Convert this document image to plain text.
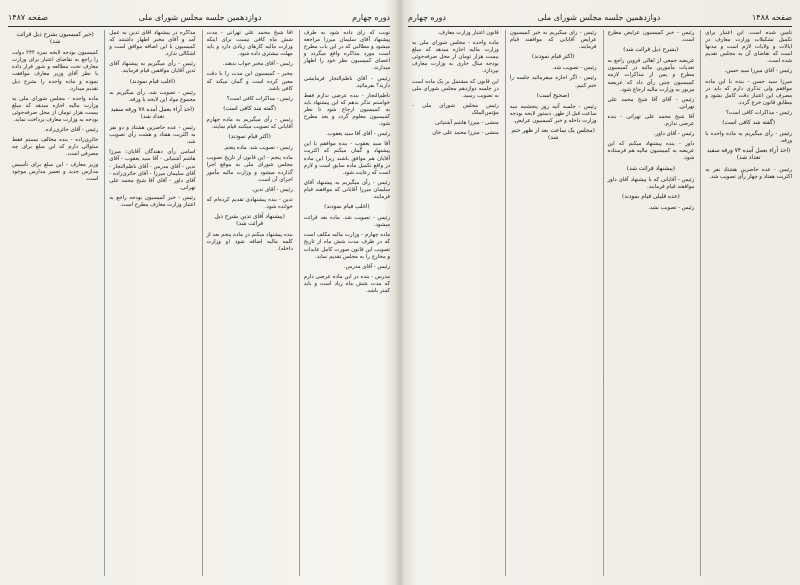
دوره چهارم
دوازدهمین جلسه مجلس شورای ملی
صفحه ۱۴۸۷

نوبت که رأی داده شود به طرف پیشنهاد آقای سلیمان میرزا مراجعه میشود و مطالبی که در این باب مطرح است مورد مذاکره واقع میگردد و اعضای کمیسیون نظر خود را اظهار میدارند.

رئیس - آقای ناظم‌التجار فرمایشی دارید؟ بفرمائید.

ناظم‌التجار - بنده عرضی ندارم فقط خواستم تذکر بدهم که این پیشنهاد باید به کمیسیون ارجاع شود تا نظر کمیسیون معلوم گردد و بعد مطرح شود.

رئیس - آقای آقا سید یعقوب.

آقا سید یعقوب - بنده موافقم با این پیشنهاد و گمان میکنم که اکثریت آقایان هم موافق باشند زیرا این ماده در واقع تکمیل ماده سابق است و لازم است که رعایت شود.

رئیس - رأی میگیریم به پیشنهاد آقای سلیمان میرزا آقایانی که موافقند قیام فرمایند.

(اغلب قیام نمودند)

رئیس - تصویب شد. ماده بعد قرائت میشود.

ماده چهارم - وزارت مالیه مکلف است که در ظرف مدت شش ماه از تاریخ تصویب این قانون صورت کامل عایدات و مخارج را به مجلس تقدیم نماید.

رئیس - آقای مدرس.

مدرس - بنده در این ماده عرضی دارم که مدت شش ماه زیاد است و باید کمتر باشد.

آقا شیخ محمد علی تهرانی - مدت شش ماه کافی نیست برای اینکه وزارت مالیه کارهای زیادی دارد و باید مهلت بیشتری داده شود.

رئیس - آقای مخبر جواب بدهند.

مخبر - کمیسیون این مدت را با دقت معین کرده است و گمان میکند که کافی باشد.

رئیس - مذاکرات کافی است؟

(گفته شد کافی است)

رئیس - رأی میگیریم به ماده چهارم آقایانی که تصویب میکنند قیام نمایند.

(اکثر قیام نمودند)

رئیس - تصویب شد. ماده پنجم.

ماده پنجم - این قانون از تاریخ تصویب مجلس شورای ملی به موقع اجرا گذارده میشود و وزارت مالیه مأمور اجرای آن است.

رئیس - آقای تدین.

تدین - بنده پیشنهادی تقدیم کرده‌ام که خوانده شود.

(پیشنهاد آقای تدین بشرح ذیل قرائت شد)

بنده پیشنهاد میکنم در ماده پنجم بعد از کلمه مالیه اضافه شود (و وزارت داخله).

مذاکره در پیشنهاد آقای تدین به عمل آمد و آقای مخبر اظهار داشتند که کمیسیون با این اضافه موافق است و اشکالی ندارد.

رئیس - رأی میگیریم به پیشنهاد آقای تدین آقایان موافقین قیام فرمایند.

(اغلب قیام نمودند)

رئیس - تصویب شد. رأی میگیریم به مجموع مواد این لایحه با ورقه.

(اخذ آراء بعمل آمده ۷۸ ورقه سفید تعداد شد)

رئیس - عده حاضرین هشتاد و دو نفر به اکثریت هفتاد و هشت رأی تصویب شد.

اسامی رأی دهندگان آقایان: میرزا هاشم آشتیانی - آقا سید یعقوب - آقای تدین - آقای مدرس - آقای ناظم‌التجار - آقای سلیمان میرزا - آقای حائری‌زاده - آقای داور - آقای آقا شیخ محمد علی تهرانی.

رئیس - خبر کمیسیون بودجه راجع به اعتبار وزارت معارف مطرح است.

(خبر کمیسیون بشرح ذیل قرائت شد)

کمیسیون بودجه لایحه نمره ۲۳۴ دولت را راجع به تقاضای اعتبار برای وزارت معارف تحت مطالعه و شور قرار داده با نظر آقای وزیر معارف موافقت نموده و ماده واحده را بشرح ذیل تقدیم میدارد.

ماده واحده - مجلس شورای ملی به وزارت مالیه اجازه میدهد که مبلغ بیست هزار تومان از محل صرفه‌جوئی بودجه به وزارت معارف پرداخت نماید.

رئیس - آقای حائری‌زاده.

حائری‌زاده - بنده مخالف نیستم فقط سئوالی دارم که این مبلغ برای چه مصرفی است.

وزیر معارف - این مبلغ برای تأسیس مدارس جدید و تعمیر مدارس موجود است.

صفحه ۱۴۸۸
دوازدهمین جلسه مجلس شورای ملی
دوره چهارم

تأمین شده است. این اعتبار برای تکمیل تشکیلات وزارت معارف در ایالات و ولایات لازم است و مدتها است که تقاضای آن به مجلس تقدیم شده است.

رئیس - آقای میرزا سید حسن.

میرزا سید حسن - بنده با این ماده موافقم ولی تذکری دارم که باید در مصرف این اعتبار دقت کامل بشود و مطابق قانون خرج گردد.

رئیس - مذاکرات کافی است؟

(گفته شد کافی است)

رئیس - رأی میگیریم به ماده واحده با ورقه.

(اخذ آراء بعمل آمده ۷۴ ورقه سفید تعداد شد)

رئیس - عده حاضرین هشتاد نفر به اکثریت هفتاد و چهار رأی تصویب شد.

رئیس - خبر کمیسیون عرایض مطرح است.

(بشرح ذیل قرائت شد)

عریضه جمعی از اهالی قزوین راجع به تعدیات مأمورین مالیه در کمیسیون مطرح و پس از مذاکرات لازمه کمیسیون چنین رأی داد که عریضه مزبور به وزارت مالیه ارجاع شود.

رئیس - آقای آقا شیخ محمد علی تهرانی.

آقا شیخ محمد علی تهرانی - بنده عرضی ندارم.

رئیس - آقای داور.

داور - بنده پیشنهاد میکنم که این عریضه به کمیسیون مالیه هم فرستاده شود.

(پیشنهاد قرائت شد)

رئیس - آقایانی که با پیشنهاد آقای داور موافقند قیام فرمایند.

(عده قلیلی قیام نمودند)

رئیس - تصویب نشد.

رئیس - رأی میگیریم به خبر کمیسیون عرایض آقایانی که موافقند قیام فرمایند.

(اکثر قیام نمودند)

رئیس - تصویب شد.

رئیس - اگر اجازه میفرمائید جلسه را ختم کنیم.

(صحیح است)

رئیس - جلسه آتیه روز پنجشنبه سه ساعت قبل از ظهر. دستور لایحه بودجه وزارت داخله و خبر کمیسیون عرایض.

(مجلس یک ساعت بعد از ظهر ختم شد)

قانون اعتبار وزارت معارف.

ماده واحده - مجلس شورای ملی به وزارت مالیه اجازه میدهد که مبلغ بیست هزار تومان از محل صرفه‌جوئی بودجه سال جاری به وزارت معارف بپردازد.

این قانون که مشتمل بر یک ماده است در جلسه دوازدهم مجلس شورای ملی به تصویب رسید.

رئیس مجلس شورای ملی - مؤتمن‌الملک

منشی - میرزا هاشم آشتیانی

منشی - میرزا محمد علی خان
